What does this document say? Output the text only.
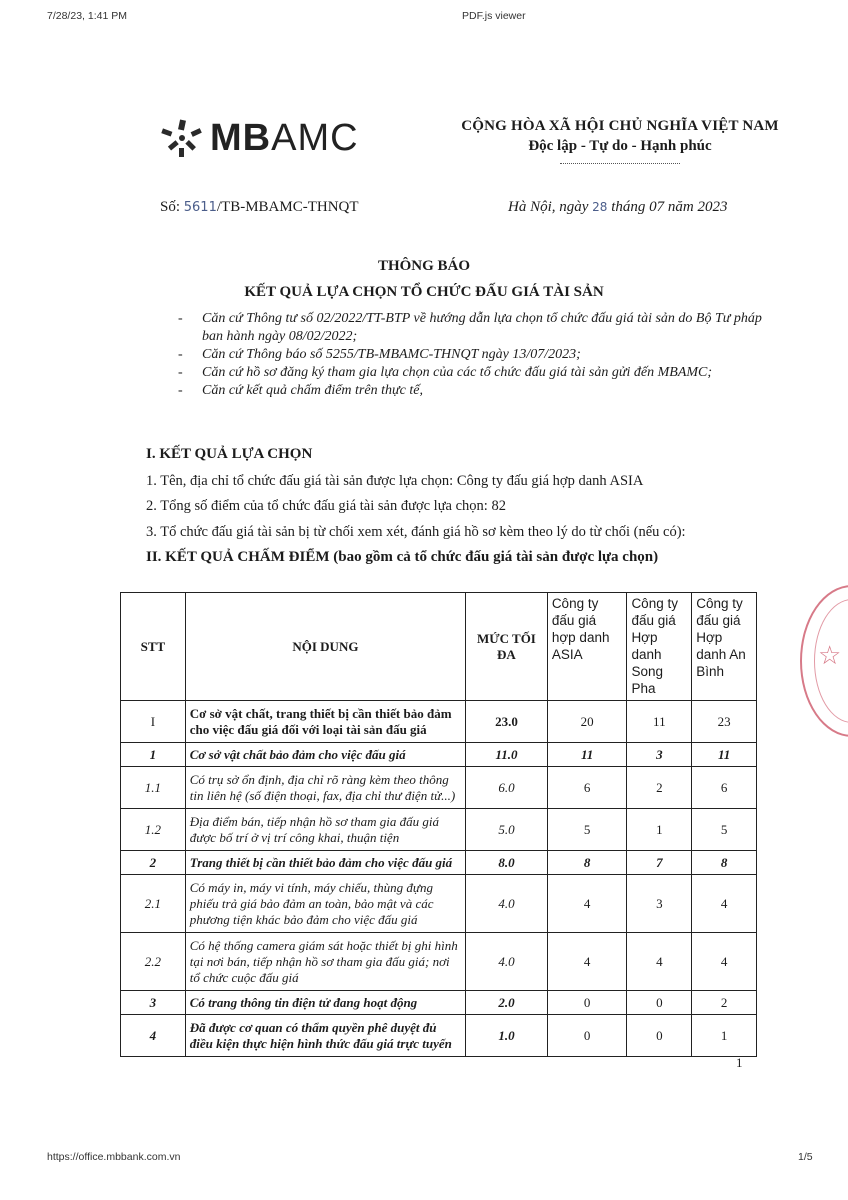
7/28/23, 1:41 PM	PDF.js viewer
MBAMC	CỘNG HÒA XÃ HỘI CHỦ NGHĨA VIỆT NAM
Độc lập - Tự do - Hạnh phúc
Số: 5611/TB-MBAMC-THNQT	Hà Nội, ngày 28 tháng 07 năm 2023
THÔNG BÁO
KẾT QUẢ LỰA CHỌN TỔ CHỨC ĐẤU GIÁ TÀI SẢN
- Căn cứ Thông tư số 02/2022/TT-BTP về hướng dẫn lựa chọn tổ chức đấu giá tài sản do Bộ Tư pháp ban hành ngày 08/02/2022;
- Căn cứ Thông báo số 5255/TB-MBAMC-THNQT ngày 13/07/2023;
- Căn cứ hồ sơ đăng ký tham gia lựa chọn của các tổ chức đấu giá tài sản gửi đến MBAMC;
- Căn cứ kết quả chấm điểm trên thực tế,
I. KẾT QUẢ LỰA CHỌN
1. Tên, địa chỉ tổ chức đấu giá tài sản được lựa chọn: Công ty đấu giá hợp danh ASIA
2. Tổng số điểm của tổ chức đấu giá tài sản được lựa chọn: 82
3. Tổ chức đấu giá tài sản bị từ chối xem xét, đánh giá hồ sơ kèm theo lý do từ chối (nếu có):
II. KẾT QUẢ CHẤM ĐIỂM (bao gồm cả tổ chức đấu giá tài sản được lựa chọn)
STT	NỘI DUNG	MỨC TỐI ĐA	Công ty đấu giá hợp danh ASIA	Công ty đấu giá Hợp danh Song Pha	Công ty đấu giá Hợp danh An Bình
I	Cơ sở vật chất, trang thiết bị cần thiết bảo đảm cho việc đấu giá đối với loại tài sản đấu giá	23.0	20	11	23
1	Cơ sở vật chất bảo đảm cho việc đấu giá	11.0	11	3	11
1.1	Có trụ sở ổn định, địa chỉ rõ ràng kèm theo thông tin liên hệ (số điện thoại, fax, địa chỉ thư điện tử...)	6.0	6	2	6
1.2	Địa điểm bán, tiếp nhận hồ sơ tham gia đấu giá được bố trí ở vị trí công khai, thuận tiện	5.0	5	1	5
2	Trang thiết bị cần thiết bảo đảm cho việc đấu giá	8.0	8	7	8
2.1	Có máy in, máy vi tính, máy chiếu, thùng đựng phiếu trả giá bảo đảm an toàn, bảo mật và các phương tiện khác bảo đảm cho việc đấu giá	4.0	4	3	4
2.2	Có hệ thống camera giám sát hoặc thiết bị ghi hình tại nơi bán, tiếp nhận hồ sơ tham gia đấu giá; nơi tổ chức cuộc đấu giá	4.0	4	4	4
3	Có trang thông tin điện tử đang hoạt động	2.0	0	0	2
4	Đã được cơ quan có thẩm quyền phê duyệt đủ điều kiện thực hiện hình thức đấu giá trực tuyến	1.0	0	0	1
☆
1
https://office.mbbank.com.vn	1/5
